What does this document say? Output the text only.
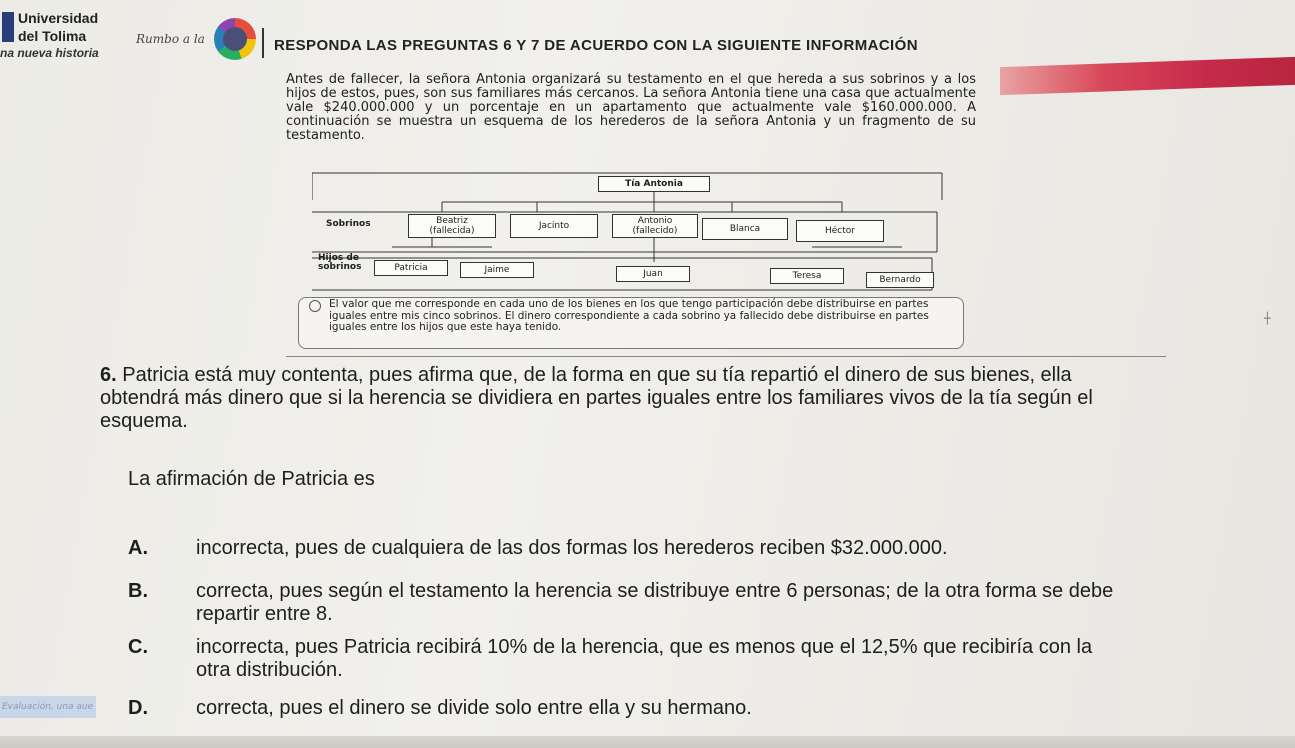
Universidad
del Tolima
na nueva historia
Rumbo a la	RESPONDA LAS PREGUNTAS 6 Y 7 DE ACUERDO CON LA SIGUIENTE INFORMACIÓN
Antes de fallecer, la señora Antonia organizará su testamento en el que hereda a sus sobrinos y a los hijos de estos, pues, son sus familiares más cercanos. La señora Antonia tiene una casa que actualmente vale $240.000.000 y un porcentaje en un apartamento que actualmente vale $160.000.000. A continuación se muestra un esquema de los herederos de la señora Antonia y un fragmento de su testamento.
Tía Antonia
Sobrinos	Beatriz
(fallecida)	Jacinto	Antonio
(fallecido)	Blanca	Héctor
Hijos de
sobrinos	Patricia	Jaime	Juan	Teresa	Bernardo
El valor que me corresponde en cada uno de los bienes en los que tengo participación debe distribuirse en partes iguales entre mis cinco sobrinos. El dinero correspondiente a cada sobrino ya fallecido debe distribuirse en partes iguales entre los hijos que este haya tenido.
┼
6. Patricia está muy contenta, pues afirma que, de la forma en que su tía repartió el dinero de sus bienes, ella obtendrá más dinero que si la herencia se dividiera en partes iguales entre los familiares vivos de la tía según el esquema.
La afirmación de Patricia es
A. incorrecta, pues de cualquiera de las dos formas los herederos reciben $32.000.000.
B. correcta, pues según el testamento la herencia se distribuye entre 6 personas; de la otra forma se debe repartir entre 8.
C. incorrecta, pues Patricia recibirá 10% de la herencia, que es menos que el 12,5% que recibiría con la otra distribución.
D. correcta, pues el dinero se divide solo entre ella y su hermano.
Evaluación, una aue
